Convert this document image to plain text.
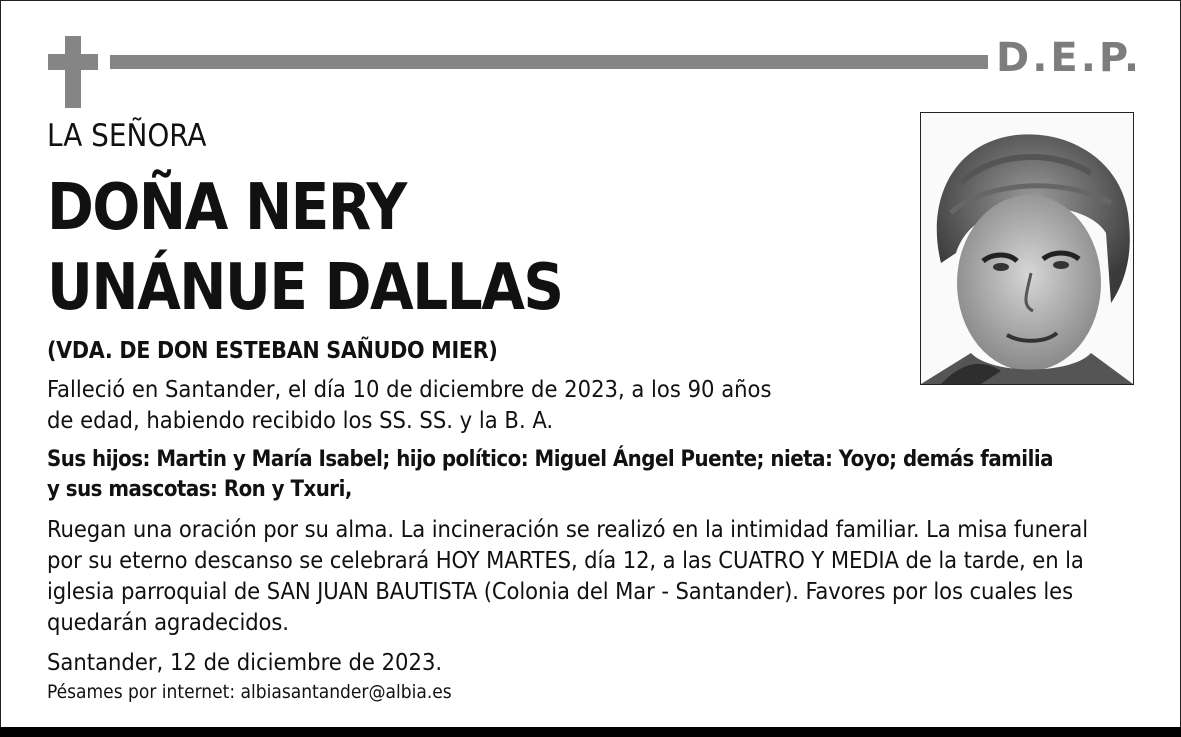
D.E.P.
LA SEÑORA
DOÑA NERY
UNÁNUE DALLAS
(VDA. DE DON ESTEBAN SAÑUDO MIER)
Falleció en Santander, el día 10 de diciembre de 2023, a los 90 años
de edad, habiendo recibido los SS. SS. y la B. A.
Sus hijos: Martin y María Isabel; hijo político: Miguel Ángel Puente; nieta: Yoyo; demás familia
y sus mascotas: Ron y Txuri,
Ruegan una oración por su alma. La incineración se realizó en la intimidad familiar. La misa funeral
por su eterno descanso se celebrará HOY MARTES, día 12, a las CUATRO Y MEDIA de la tarde, en la
iglesia parroquial de SAN JUAN BAUTISTA (Colonia del Mar - Santander). Favores por los cuales les
quedarán agradecidos.
Santander, 12 de diciembre de 2023.
Pésames por internet: albiasantander@albia.es
